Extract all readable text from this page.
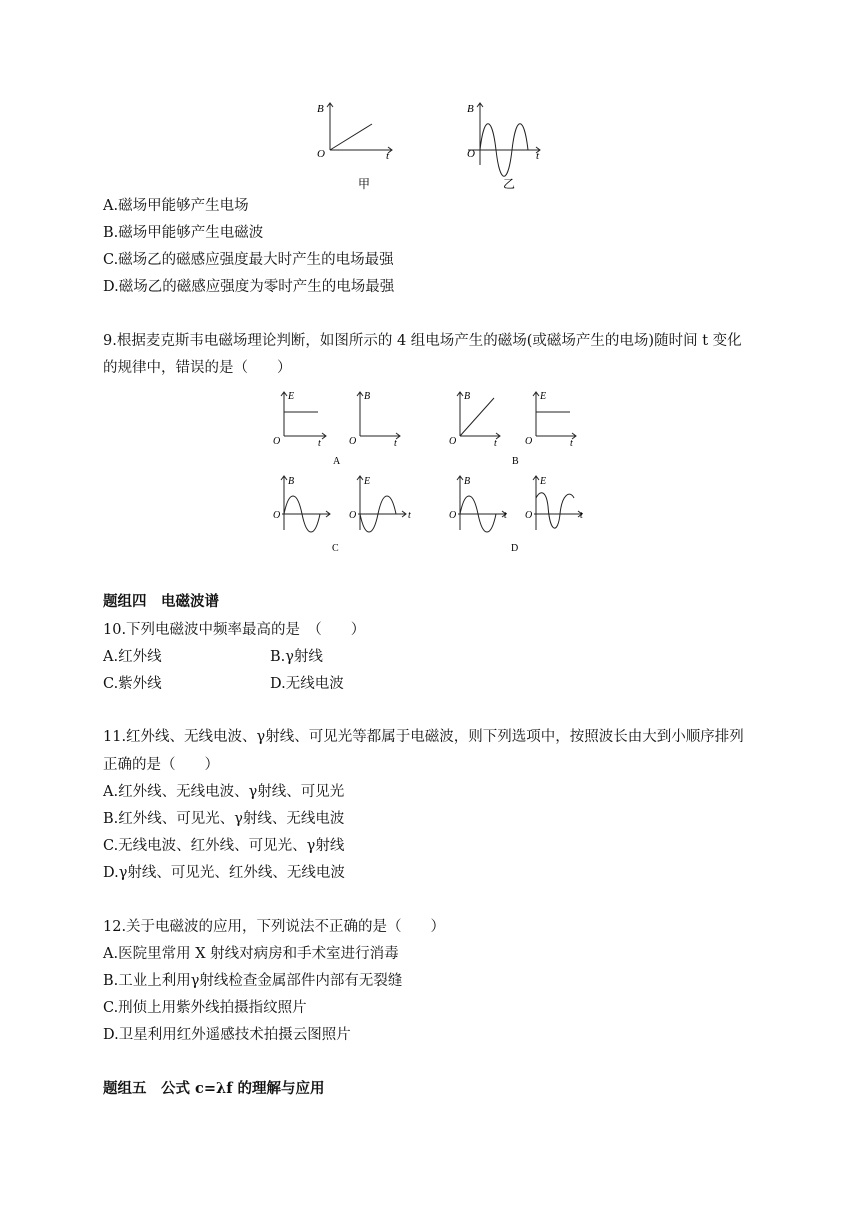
B
O	t
甲
B
O	t
乙
A.磁场甲能够产生电场
B.磁场甲能够产生电磁波
C.磁场乙的磁感应强度最大时产生的电场最强
D.磁场乙的磁感应强度为零时产生的电场最强
9.根据麦克斯韦电磁场理论判断，如图所示的 4 组电场产生的磁场(或磁场产生的电场)随时间 t 变化
的规律中，错误的是（　　）
E
O	t
B
O	t
A
B
O	t
E
O	t
B
B
O
E
O	t
C
B
O	t
E
O	t
D
题组四　电磁波谱
10.下列电磁波中频率最高的是　（　　）
A.红外线	B.γ射线
C.紫外线	D.无线电波
11.红外线、无线电波、γ射线、可见光等都属于电磁波，则下列选项中，按照波长由大到小顺序排列
正确的是（　　）
A.红外线、无线电波、γ射线、可见光
B.红外线、可见光、γ射线、无线电波
C.无线电波、红外线、可见光、γ射线
D.γ射线、可见光、红外线、无线电波
12.关于电磁波的应用，下列说法不正确的是（　　）
A.医院里常用 X 射线对病房和手术室进行消毒
B.工业上利用γ射线检查金属部件内部有无裂缝
C.刑侦上用紫外线拍摄指纹照片
D.卫星利用红外遥感技术拍摄云图照片
题组五　公式 c=λf 的理解与应用
